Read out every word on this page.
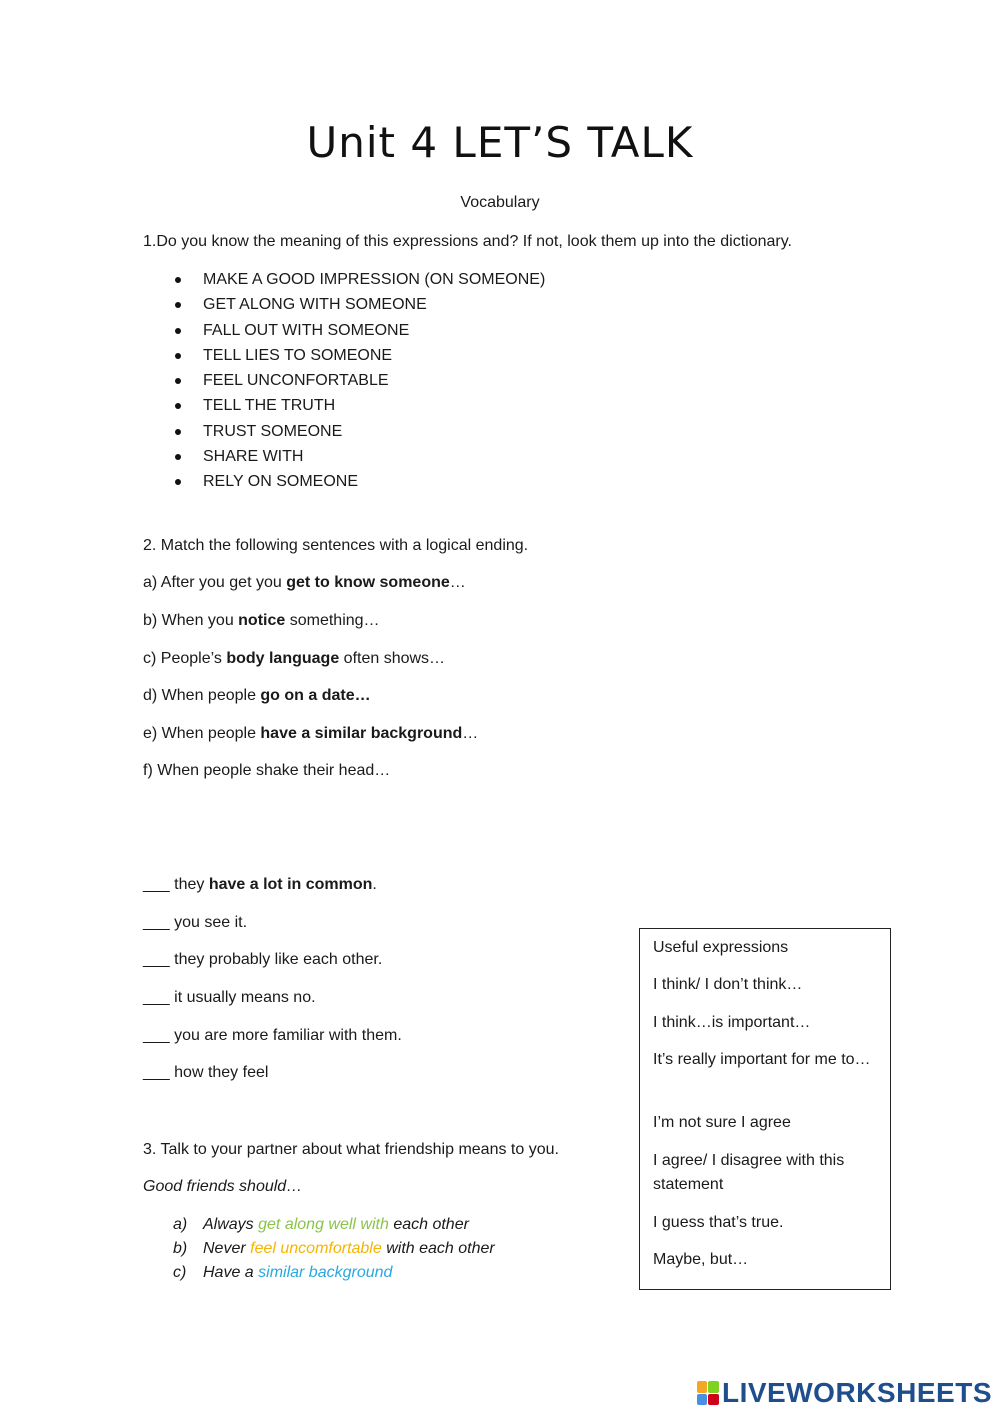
Unit 4 LET’S TALK
Vocabulary
1.Do you know the meaning of this expressions and? If not, look them up into the dictionary.
MAKE A GOOD IMPRESSION (ON SOMEONE)
GET ALONG WITH SOMEONE
FALL OUT WITH SOMEONE
TELL LIES TO SOMEONE
FEEL UNCONFORTABLE
TELL THE TRUTH
TRUST SOMEONE
SHARE WITH
RELY ON SOMEONE
2. Match the following sentences with a logical ending.
a) After you get you get to know someone…
b) When you notice something…
c) People’s body language often shows…
d) When people go on a date…
e) When people have a similar background…
f) When people shake their head…
___ they have a lot in common.
___ you see it.
___ they probably like each other.
___ it usually means no.
___ you are more familiar with them.
___ how they feel
3. Talk to your partner about what friendship means to you.
Good friends should…
a) Always get along well with each other
b) Never feel uncomfortable with each other
c) Have a similar background
Useful expressions
I think/ I don’t think…
I think…is important…
It’s really important for me to…
I’m not sure I agree
I agree/ I disagree with this statement
I guess that’s true.
Maybe, but…
LIVEWORKSHEETS
